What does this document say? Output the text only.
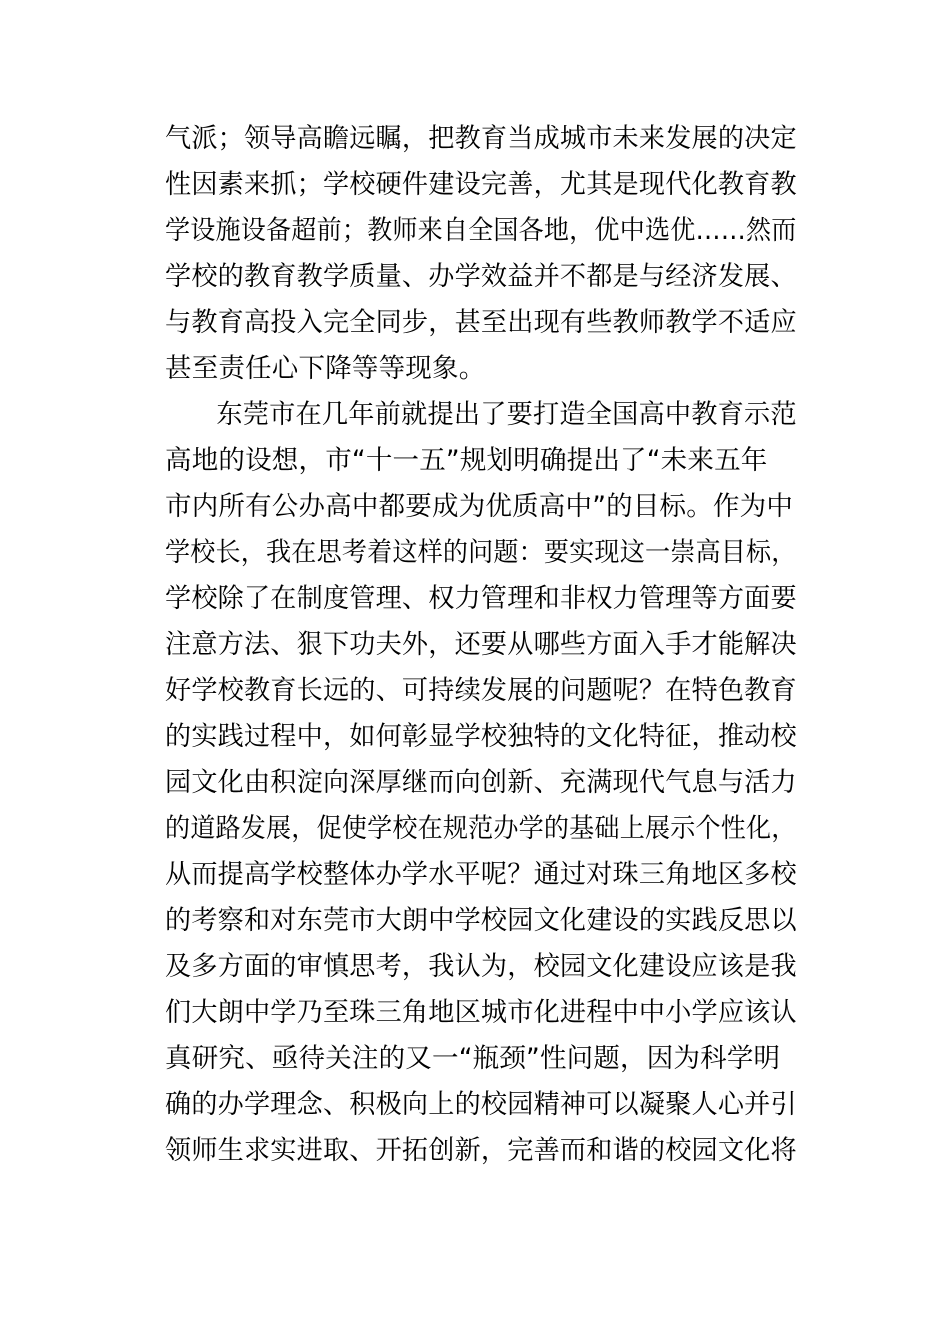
气派；领导高瞻远瞩，把教育当成城市未来发展的决定
性因素来抓；学校硬件建设完善，尤其是现代化教育教
学设施设备超前；教师来自全国各地，优中选优……然而
学校的教育教学质量、办学效益并不都是与经济发展、
与教育高投入完全同步，甚至出现有些教师教学不适应
甚至责任心下降等等现象。
东莞市在几年前就提出了要打造全国高中教育示范
高地的设想，市“十一五”规划明确提出了“未来五年
市内所有公办高中都要成为优质高中”的目标。作为中
学校长，我在思考着这样的问题：要实现这一崇高目标，
学校除了在制度管理、权力管理和非权力管理等方面要
注意方法、狠下功夫外，还要从哪些方面入手才能解决
好学校教育长远的、可持续发展的问题呢？在特色教育
的实践过程中，如何彰显学校独特的文化特征，推动校
园文化由积淀向深厚继而向创新、充满现代气息与活力
的道路发展，促使学校在规范办学的基础上展示个性化，
从而提高学校整体办学水平呢？通过对珠三角地区多校
的考察和对东莞市大朗中学校园文化建设的实践反思以
及多方面的审慎思考，我认为，校园文化建设应该是我
们大朗中学乃至珠三角地区城市化进程中中小学应该认
真研究、亟待关注的又一“瓶颈”性问题，因为科学明
确的办学理念、积极向上的校园精神可以凝聚人心并引
领师生求实进取、开拓创新，完善而和谐的校园文化将
